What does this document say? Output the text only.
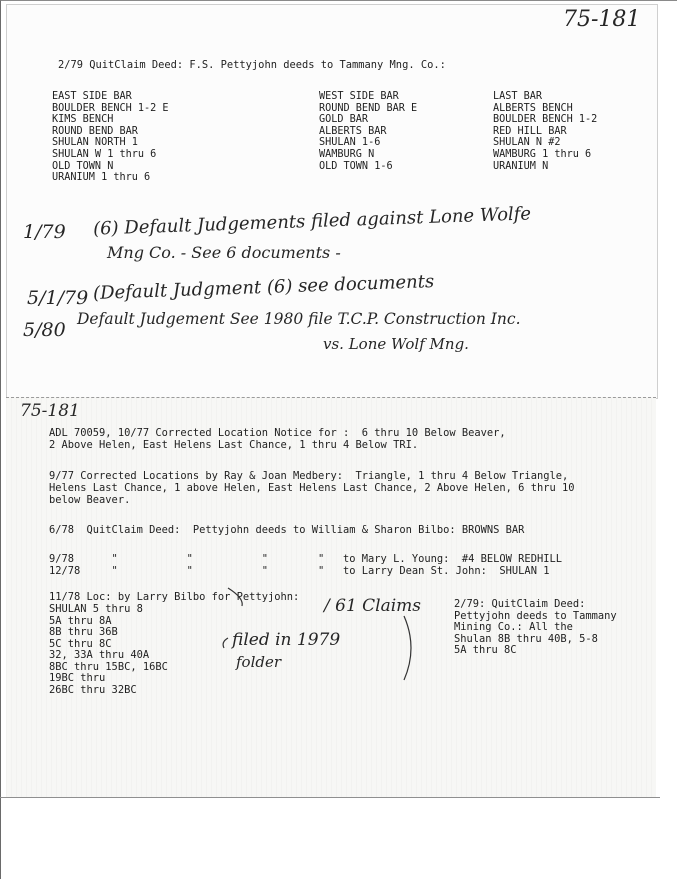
75-181
2/79 QuitClaim Deed: F.S. Pettyjohn deeds to Tammany Mng. Co.:
EAST SIDE BAR
BOULDER BENCH 1-2 E
KIMS BENCH
ROUND BEND BAR
SHULAN NORTH 1
SHULAN W 1 thru 6
OLD TOWN N
URANIUM 1 thru 6
WEST SIDE BAR
ROUND BEND BAR E
GOLD BAR
ALBERTS BAR
SHULAN 1-6
WAMBURG N
OLD TOWN 1-6
LAST BAR
ALBERTS BENCH
BOULDER BENCH 1-2
RED HILL BAR
SHULAN N #2
WAMBURG 1 thru 6
URANIUM N
1/79 (6) Default Judgements filed against Lone Wolfe
Mng Co. - See 6 documents -
5/1/79 (Default Judgment (6) see documents
5/80 Default Judgement See 1980 file T.C.P. Construction Inc.
vs. Lone Wolf Mng.
75-181
ADL 70059, 10/77 Corrected Location Notice for :  6 thru 10 Below Beaver,
2 Above Helen, East Helens Last Chance, 1 thru 4 Below TRI.
9/77 Corrected Locations by Ray & Joan Medbery:  Triangle, 1 thru 4 Below Triangle,
Helens Last Chance, 1 above Helen, East Helens Last Chance, 2 Above Helen, 6 thru 10
below Beaver.
6/78  QuitClaim Deed:  Pettyjohn deeds to William & Sharon Bilbo: BROWNS BAR
9/78      "           "           "        "   to Mary L. Young:  #4 BELOW REDHILL
12/78     "           "           "        "   to Larry Dean St. John:  SHULAN 1
11/78 Loc: by Larry Bilbo for Pettyjohn:
SHULAN 5 thru 8
5A thru 8A
8B thru 36B
5C thru 8C
32, 33A thru 40A
8BC thru 15BC, 16BC
19BC thru
26BC thru 32BC
/ 61 Claims
filed in 1979
folder
2/79: QuitClaim Deed:
Pettyjohn deeds to Tammany
Mining Co.: All the
Shulan 8B thru 40B, 5-8
5A thru 8C
